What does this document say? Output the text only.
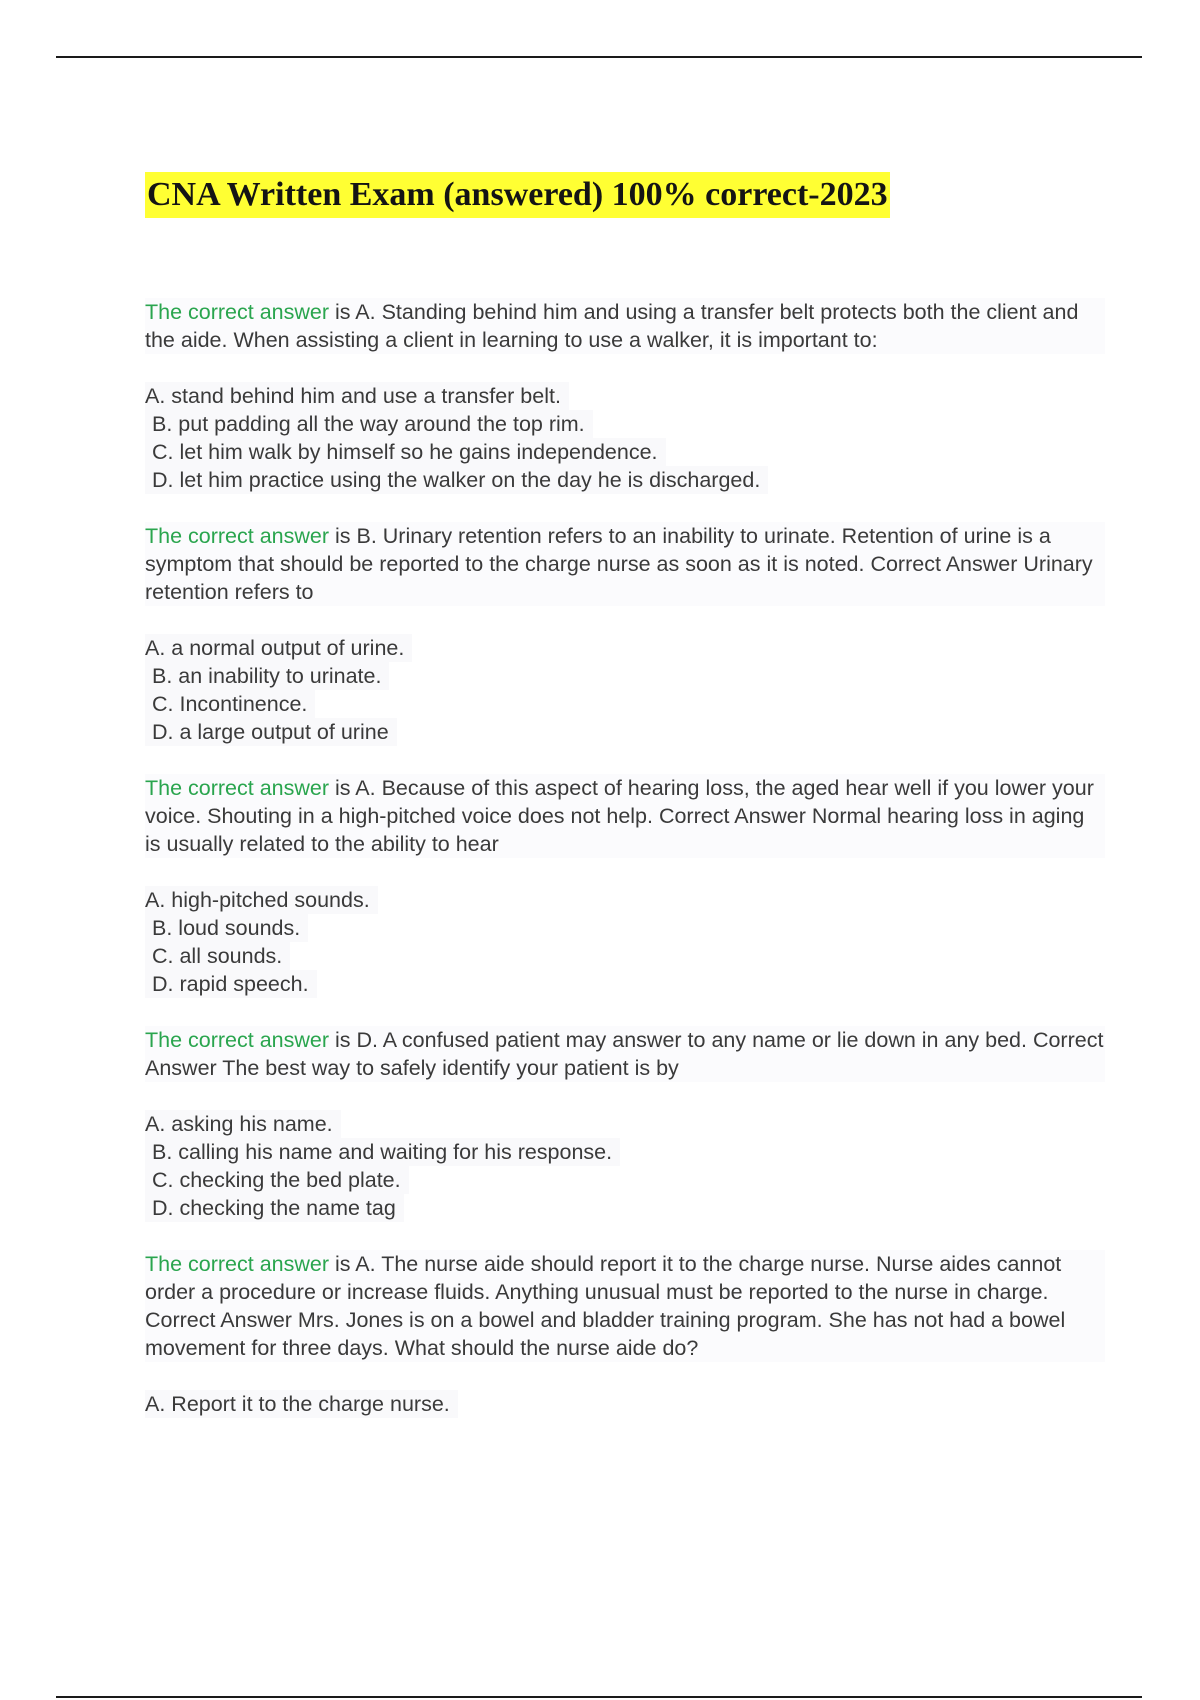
CNA Written Exam (answered) 100% correct-2023

The correct answer is A. Standing behind him and using a transfer belt protects both the client and the aide. When assisting a client in learning to use a walker, it is important to:

A. stand behind him and use a transfer belt.
B. put padding all the way around the top rim.
C. let him walk by himself so he gains independence.
D. let him practice using the walker on the day he is discharged.

The correct answer is B. Urinary retention refers to an inability to urinate. Retention of urine is a symptom that should be reported to the charge nurse as soon as it is noted. Correct Answer Urinary retention refers to

A. a normal output of urine.
B. an inability to urinate.
C. Incontinence.
D. a large output of urine

The correct answer is A. Because of this aspect of hearing loss, the aged hear well if you lower your voice. Shouting in a high-pitched voice does not help. Correct Answer Normal hearing loss in aging is usually related to the ability to hear

A. high-pitched sounds.
B. loud sounds.
C. all sounds.
D. rapid speech.

The correct answer is D. A confused patient may answer to any name or lie down in any bed. Correct Answer The best way to safely identify your patient is by

A. asking his name.
B. calling his name and waiting for his response.
C. checking the bed plate.
D. checking the name tag

The correct answer is A. The nurse aide should report it to the charge nurse. Nurse aides cannot order a procedure or increase fluids. Anything unusual must be reported to the nurse in charge. Correct Answer Mrs. Jones is on a bowel and bladder training program. She has not had a bowel movement for three days. What should the nurse aide do?

A. Report it to the charge nurse.
